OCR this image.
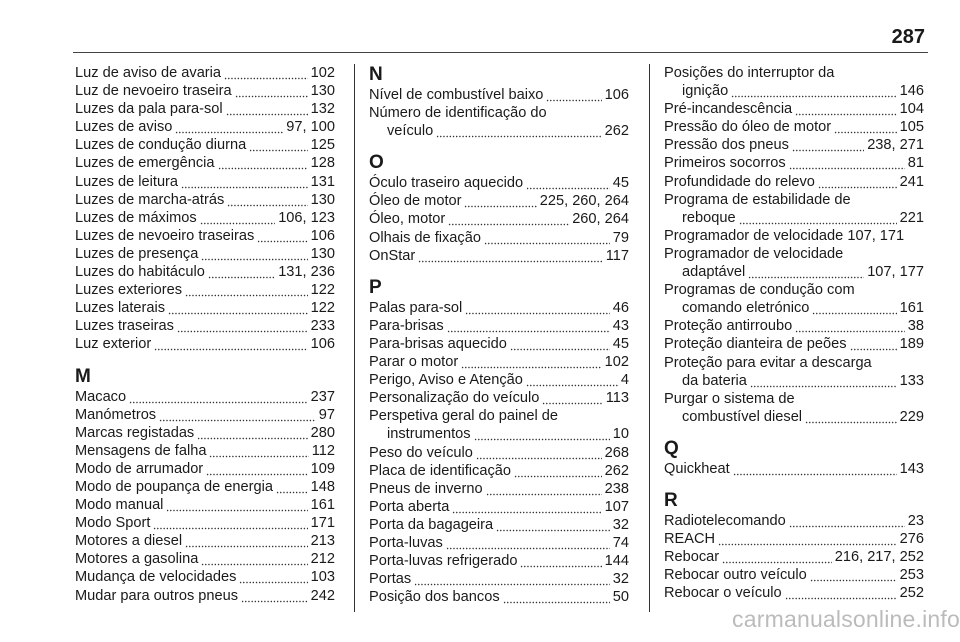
287
Luz de aviso de avaria	102
Luz de nevoeiro traseira	130
Luzes da pala para-sol	132
Luzes de aviso	97, 100
Luzes de condução diurna	125
Luzes de emergência	128
Luzes de leitura	131
Luzes de marcha-atrás	130
Luzes de máximos	106, 123
Luzes de nevoeiro traseiras	106
Luzes de presença	130
Luzes do habitáculo	131, 236
Luzes exteriores	122
Luzes laterais	122
Luzes traseiras	233
Luz exterior	106
M
Macaco	237
Manómetros	97
Marcas registadas	280
Mensagens de falha	112
Modo de arrumador	109
Modo de poupança de energia	148
Modo manual	161
Modo Sport	171
Motores a diesel	213
Motores a gasolina	212
Mudança de velocidades	103
Mudar para outros pneus	242
N
Nível de combustível baixo	106
Número de identificação do
veículo	262
O
Óculo traseiro aquecido	45
Óleo de motor	225, 260, 264
Óleo, motor	260, 264
Olhais de fixação	79
OnStar	117
P
Palas para-sol	46
Para-brisas	43
Para-brisas aquecido	45
Parar o motor	102
Perigo, Aviso e Atenção	4
Personalização do veículo	113
Perspetiva geral do painel de
instrumentos	10
Peso do veículo	268
Placa de identificação	262
Pneus de inverno	238
Porta aberta	107
Porta da bagageira	32
Porta-luvas	74
Porta-luvas refrigerado	144
Portas	32
Posição dos bancos	50
Posições do interruptor da
ignição	146
Pré-incandescência	104
Pressão do óleo de motor	105
Pressão dos pneus	238, 271
Primeiros socorros	81
Profundidade do relevo	241
Programa de estabilidade de
reboque	221
Programador de velocidade 107, 171
Programador de velocidade
adaptável	107, 177
Programas de condução com
comando eletrónico	161
Proteção antirroubo	38
Proteção dianteira de peões	189
Proteção para evitar a descarga
da bateria	133
Purgar o sistema de
combustível diesel	229
Q
Quickheat	143
R
Radiotelecomando	23
REACH	276
Rebocar	216, 217, 252
Rebocar outro veículo	253
Rebocar o veículo	252
carmanualsonline.info
